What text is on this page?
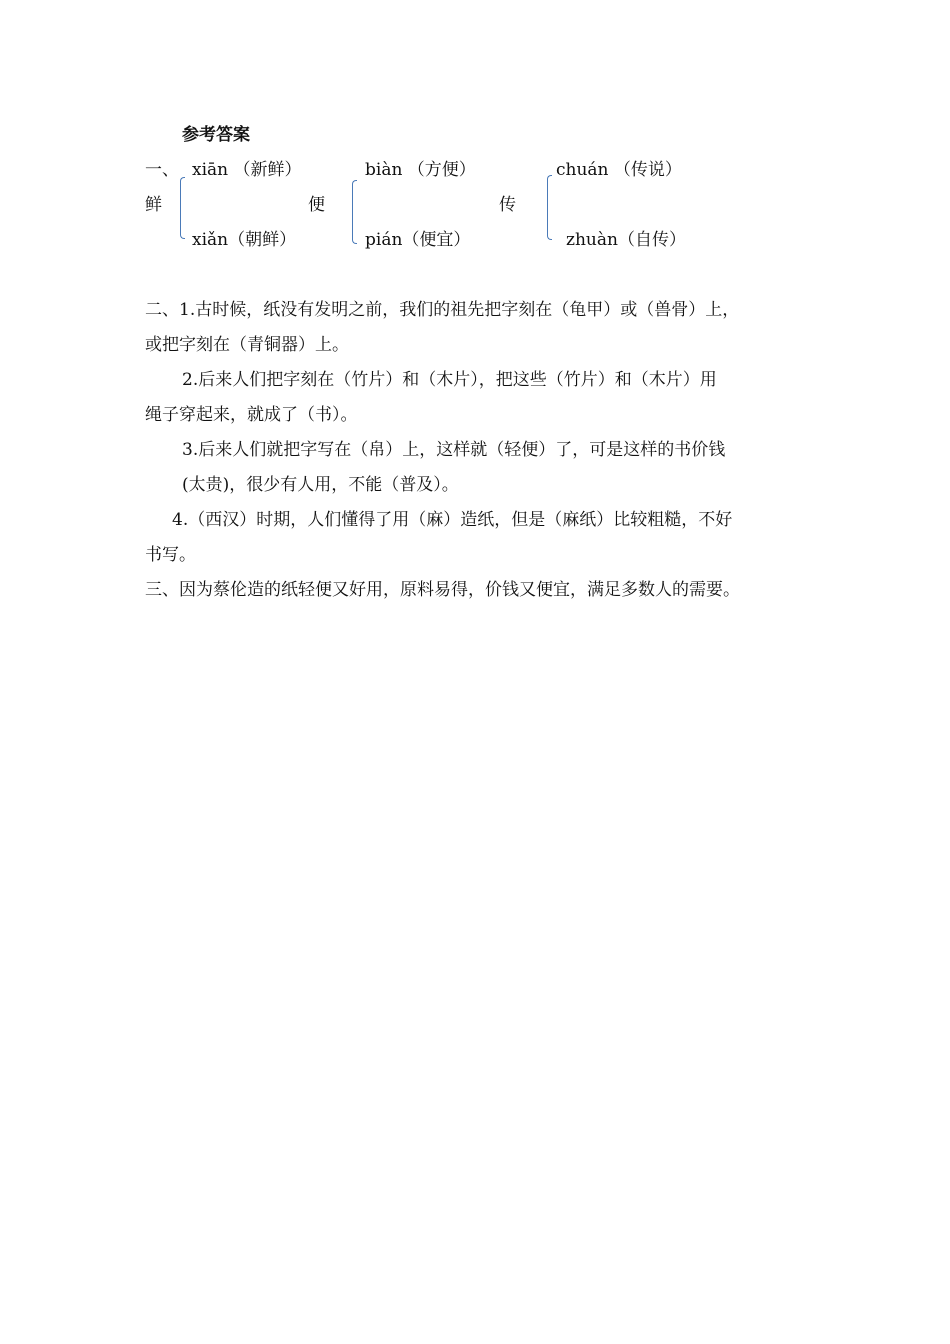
参考答案
一、
鲜
xiān （新鲜）
xiǎn（朝鲜）
便
biàn （方便）
pián（便宜）
传
chuán （传说）
zhuàn（自传）
二、1.古时候，纸没有发明之前，我们的祖先把字刻在（龟甲）或（兽骨）上，
或把字刻在（青铜器）上。
2.后来人们把字刻在（竹片）和（木片），把这些（竹片）和（木片）用
绳子穿起来，就成了（书）。
3.后来人们就把字写在（帛）上，这样就（轻便）了，可是这样的书价钱
(太贵)，很少有人用，不能（普及）。
4.（西汉）时期，人们懂得了用（麻）造纸，但是（麻纸）比较粗糙，不好
书写。
三、因为蔡伦造的纸轻便又好用，原料易得，价钱又便宜，满足多数人的需要。
